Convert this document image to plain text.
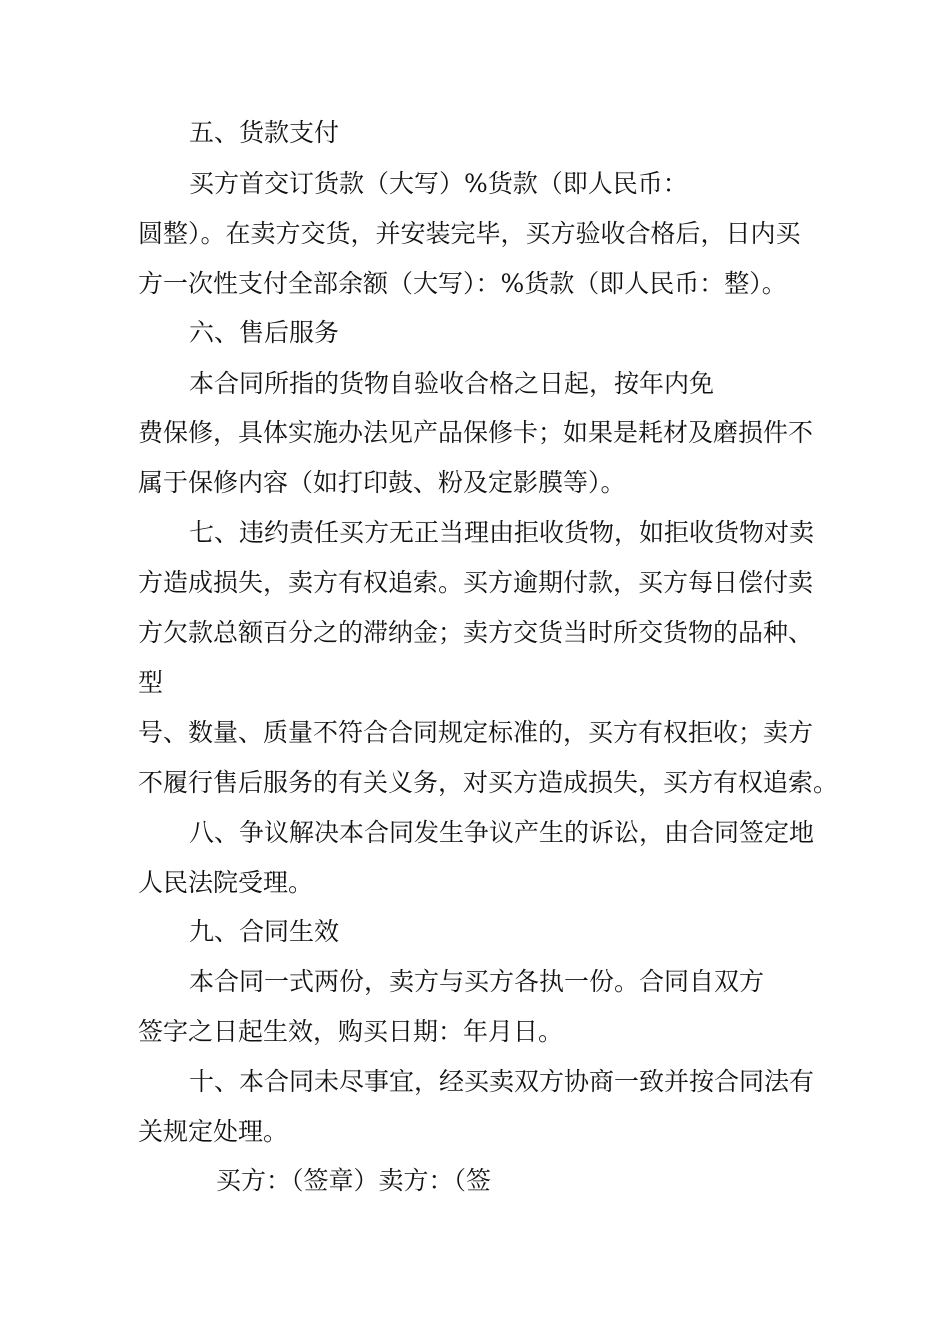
五、货款支付
买方首交订货款（大写）%货款（即人民币：
圆整）。在卖方交货，并安装完毕，买方验收合格后，日内买
方一次性支付全部余额（大写）：%货款（即人民币：整）。
六、售后服务
本合同所指的货物自验收合格之日起，按年内免
费保修，具体实施办法见产品保修卡；如果是耗材及磨损件不
属于保修内容（如打印鼓、粉及定影膜等）。
七、违约责任买方无正当理由拒收货物，如拒收货物对卖
方造成损失，卖方有权追索。买方逾期付款，买方每日偿付卖
方欠款总额百分之的滞纳金；卖方交货当时所交货物的品种、
型
号、数量、质量不符合合同规定标准的，买方有权拒收；卖方
不履行售后服务的有关义务，对买方造成损失，买方有权追索。
八、争议解决本合同发生争议产生的诉讼，由合同签定地
人民法院受理。
九、合同生效
本合同一式两份，卖方与买方各执一份。合同自双方
签字之日起生效，购买日期：年月日。
十、本合同未尽事宜，经买卖双方协商一致并按合同法有
关规定处理。
买方：（签章）卖方：（签
